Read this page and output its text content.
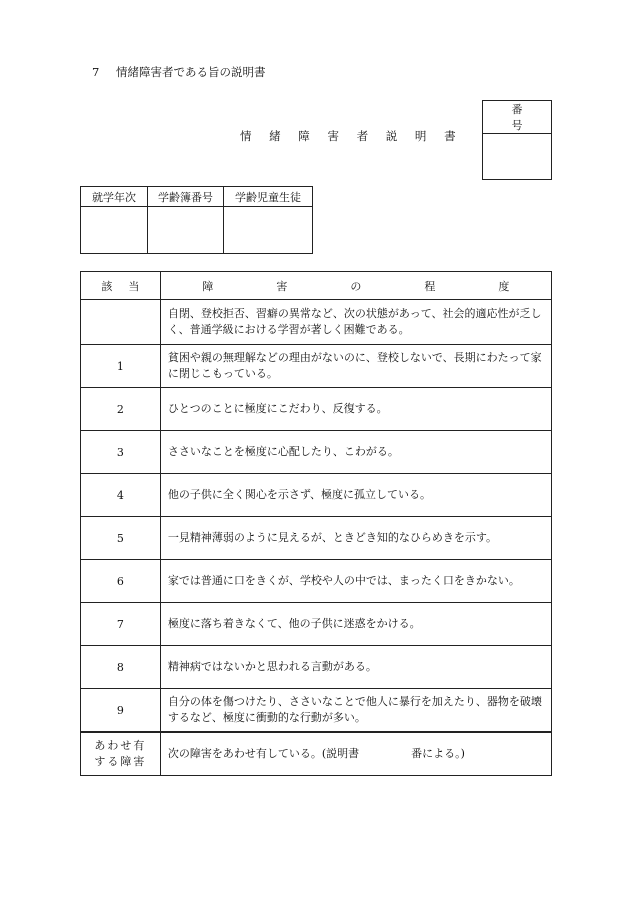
7 情緒障害者である旨の説明書
情 緒 障 害 者 説 明 書
番 号

就学年次	学齢簿番号	学齢児童生徒

該当	障 害 の 程 度
	自閉、登校拒否、習癖の異常など、次の状態があって、社会的適応性が乏しく、普通学級における学習が著しく困難である。
1	貧困や親の無理解などの理由がないのに、登校しないで、長期にわたって家に閉じこもっている。
2	ひとつのことに極度にこだわり、反復する。
3	ささいなことを極度に心配したり、こわがる。
4	他の子供に全く関心を示さず、極度に孤立している。
5	一見精神薄弱のように見えるが、ときどき知的なひらめきを示す。
6	家では普通に口をきくが、学校や人の中では、まったく口をきかない。
7	極度に落ち着きなくて、他の子供に迷惑をかける。
8	精神病ではないかと思われる言動がある。
9	自分の体を傷つけたり、ささいなことで他人に暴行を加えたり、器物を破壊するなど、極度に衝動的な行動が多い。
あわせ有
する障害	次の障害をあわせ有している。(説明書 番による。)
